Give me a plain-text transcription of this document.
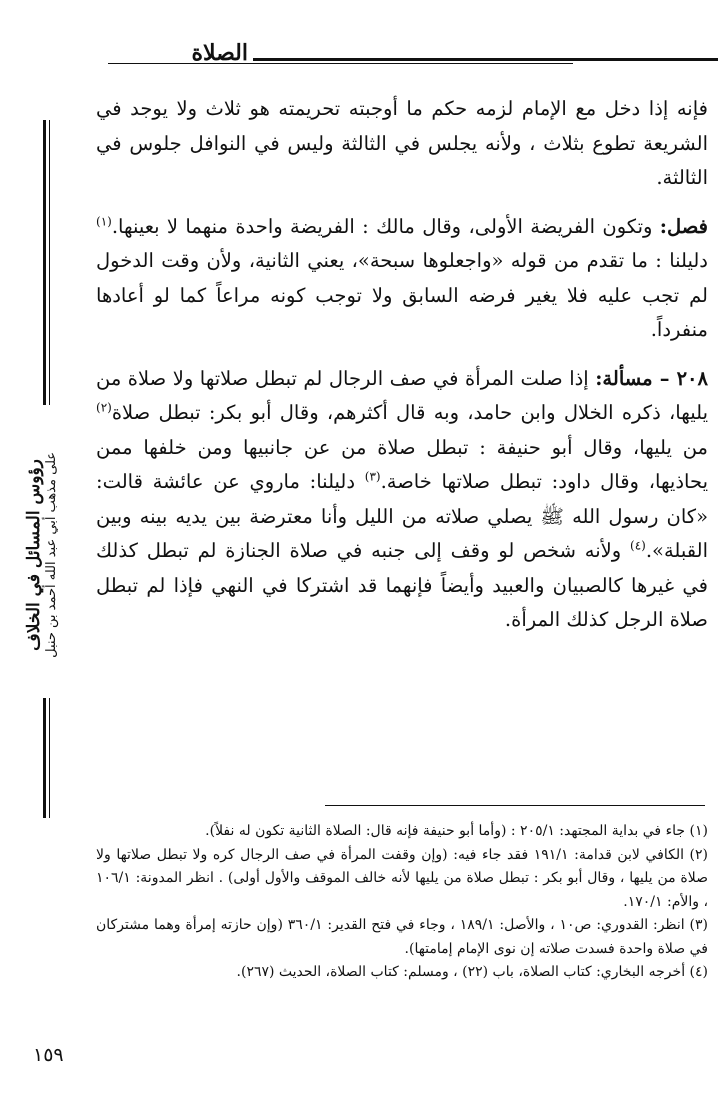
الصلاة
رؤوس المسائل في الخلاف على مذهب أبي عبد الله أحمد بن حنبل

فإنه إذا دخل مع الإمام لزمه حكم ما أوجبته تحريمته هو ثلاث ولا يوجد في الشريعة تطوع بثلاث ، ولأنه يجلس في الثالثة وليس في النوافل جلوس في الثالثة.

فصل: وتكون الفريضة الأولى، وقال مالك : الفريضة واحدة منهما لا بعينها.$^{(١)}$ دليلنا : ما تقدم من قوله «واجعلوها سبحة»، يعني الثانية، ولأن وقت الدخول لم تجب عليه فلا يغير فرضه السابق ولا توجب كونه مراعاً كما لو أعادها منفرداً.

٢٠٨ – مسألة: إذا صلت المرأة في صف الرجال لم تبطل صلاتها ولا صلاة من يليها، ذكره الخلال وابن حامد، وبه قال أكثرهم، وقال أبو بكر: تبطل صلاة$^{(٢)}$ من يليها، وقال أبو حنيفة : تبطل صلاة من عن جانبيها ومن خلفها ممن يحاذيها، وقال داود: تبطل صلاتها خاصة.$^{(٣)}$ دليلنا: ماروي عن عائشة قالت: «كان رسول الله ﷺ يصلي صلاته من الليل وأنا معترضة بين يديه بينه وبين القبلة».$^{(٤)}$ ولأنه شخص لو وقف إلى جنبه في صلاة الجنازة لم تبطل كذلك في غيرها كالصبيان والعبيد وأيضاً فإنهما قد اشتركا في النهي فإذا لم تبطل صلاة الرجل كذلك المرأة.

(١) جاء في بداية المجتهد: ٢٠٥/١ : (وأما أبو حنيفة فإنه قال: الصلاة الثانية تكون له نفلاً).

(٢) الكافي لابن قدامة: ١٩١/١ فقد جاء فيه: (وإن وقفت المرأة في صف الرجال كره ولا تبطل صلاتها ولا صلاة من يليها ، وقال أبو بكر : تبطل صلاة من يليها لأنه خالف الموقف والأول أولى) . انظر المدونة: ١٠٦/١ ، والأم: ١٧٠/١.

(٣) انظر: القدوري: ص١٠ ، والأصل: ١٨٩/١ ، وجاء في فتح القدير: ٣٦٠/١ (وإن حازته إمرأة وهما مشتركان في صلاة واحدة فسدت صلاته إن نوى الإمام إمامتها).

(٤) أخرجه البخاري: كتاب الصلاة، باب (٢٢) ، ومسلم: كتاب الصلاة، الحديث (٢٦٧).

١٥٩
